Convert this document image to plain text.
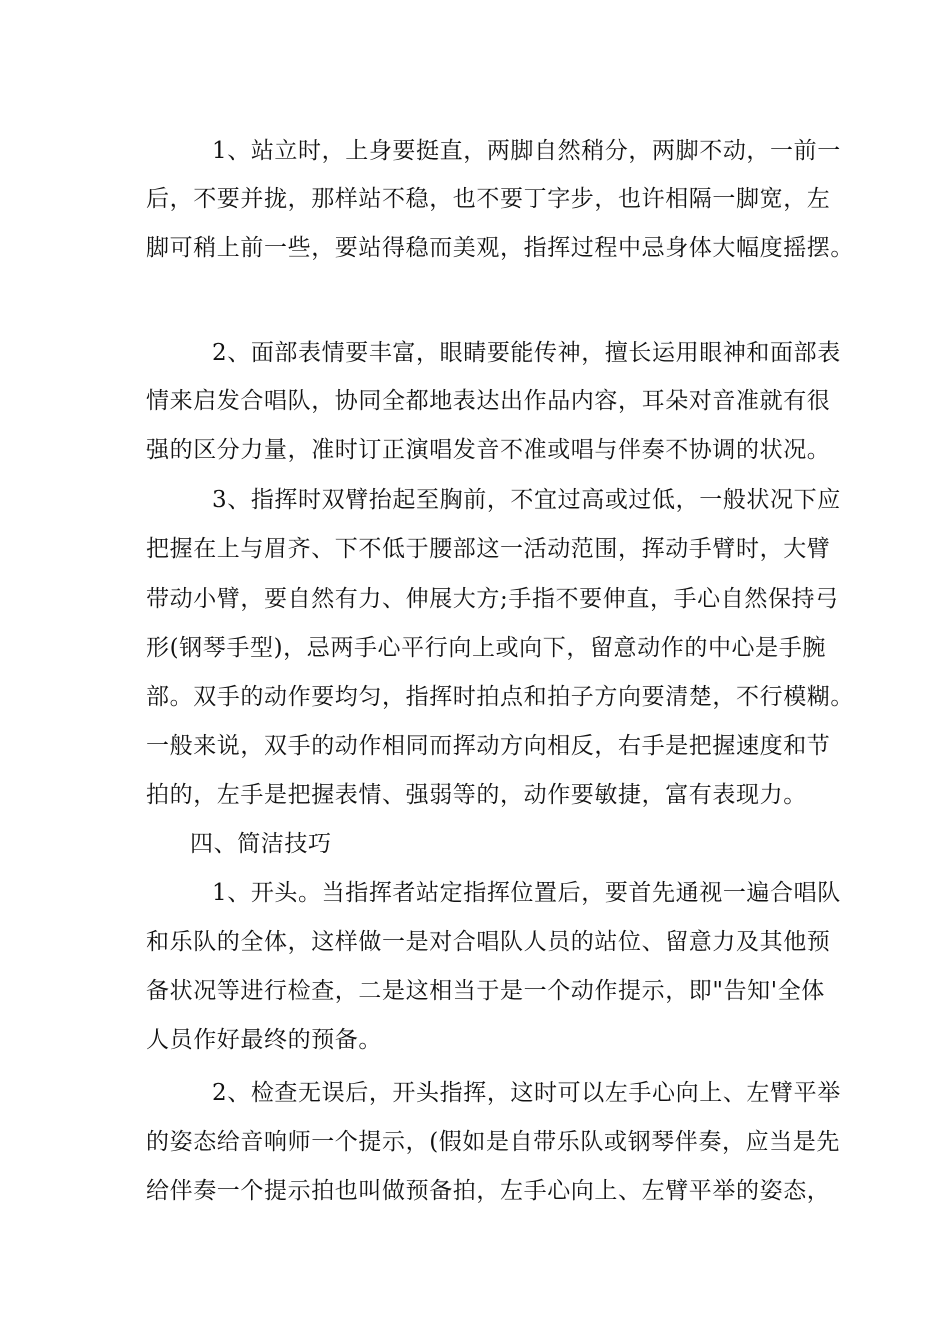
1、站立时，上身要挺直，两脚自然稍分，两脚不动，一前一
后，不要并拢，那样站不稳，也不要丁字步，也许相隔一脚宽，左
脚可稍上前一些，要站得稳而美观，指挥过程中忌身体大幅度摇摆。
2、面部表情要丰富，眼睛要能传神，擅长运用眼神和面部表
情来启发合唱队，协同全都地表达出作品内容，耳朵对音准就有很
强的区分力量，准时订正演唱发音不准或唱与伴奏不协调的状况。
3、指挥时双臂抬起至胸前，不宜过高或过低，一般状况下应
把握在上与眉齐、下不低于腰部这一活动范围，挥动手臂时，大臂
带动小臂，要自然有力、伸展大方;手指不要伸直，手心自然保持弓
形(钢琴手型)，忌两手心平行向上或向下，留意动作的中心是手腕
部。双手的动作要均匀，指挥时拍点和拍子方向要清楚，不行模糊。
一般来说，双手的动作相同而挥动方向相反，右手是把握速度和节
拍的，左手是把握表情、强弱等的，动作要敏捷，富有表现力。
四、简洁技巧
1、开头。当指挥者站定指挥位置后，要首先通视一遍合唱队
和乐队的全体，这样做一是对合唱队人员的站位、留意力及其他预
备状况等进行检查，二是这相当于是一个动作提示，即"告知'全体
人员作好最终的预备。
2、检查无误后，开头指挥，这时可以左手心向上、左臂平举
的姿态给音响师一个提示，(假如是自带乐队或钢琴伴奏，应当是先
给伴奏一个提示拍也叫做预备拍，左手心向上、左臂平举的姿态，
